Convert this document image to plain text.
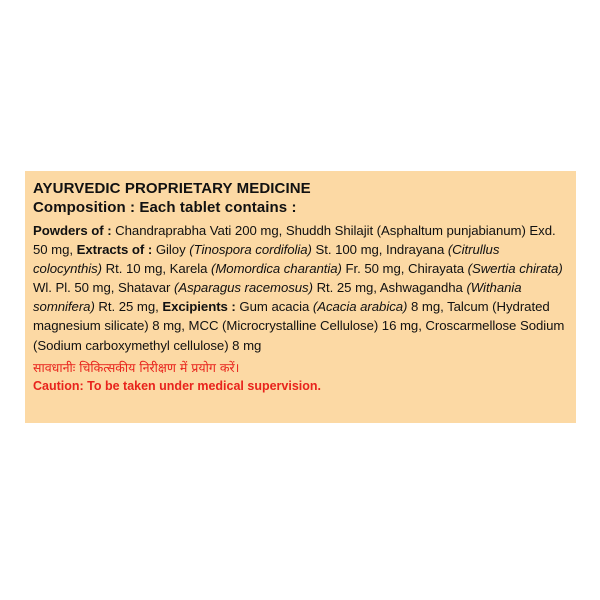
AYURVEDIC PROPRIETARY MEDICINE
Composition : Each tablet contains :
Powders of : Chandraprabha Vati 200 mg, Shuddh Shilajit (Asphaltum punjabianum) Exd. 50 mg, Extracts of : Giloy (Tinospora cordifolia) St. 100 mg, Indrayana (Citrullus colocynthis) Rt. 10 mg, Karela (Momordica charantia) Fr. 50 mg, Chirayata (Swertia chirata) Wl. Pl. 50 mg, Shatavar (Asparagus racemosus) Rt. 25 mg, Ashwagandha (Withania somnifera) Rt. 25 mg, Excipients : Gum acacia (Acacia arabica) 8 mg, Talcum (Hydrated magnesium silicate) 8 mg, MCC (Microcrystalline Cellulose) 16 mg, Croscarmellose Sodium (Sodium carboxymethyl cellulose) 8 mg
सावधानीः चिकित्सकीय निरीक्षण में प्रयोग करें।
Caution: To be taken under medical supervision.
